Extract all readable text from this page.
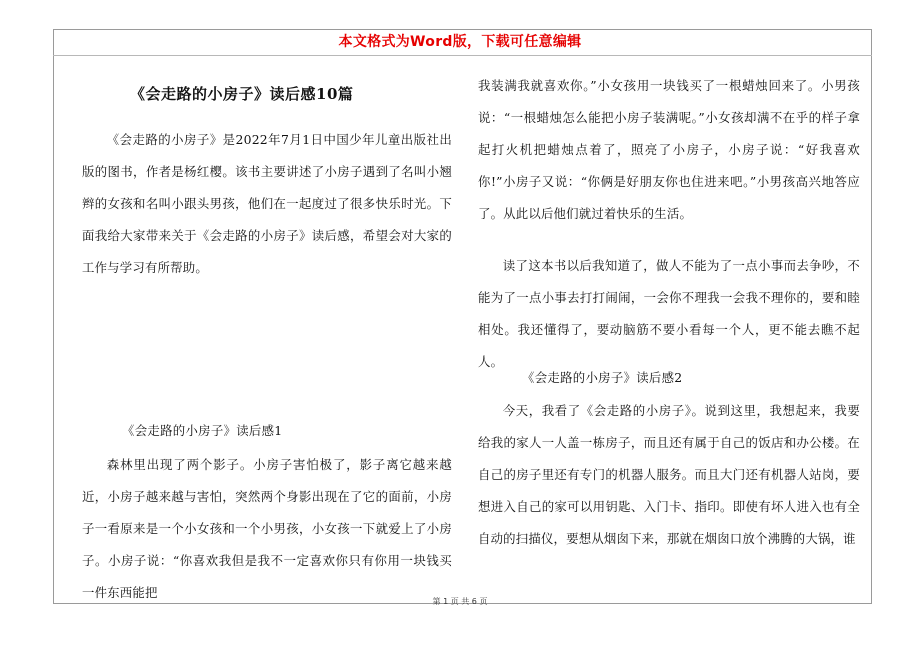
本文格式为Word版，下载可任意编辑
《会走路的小房子》读后感10篇

《会走路的小房子》是2022年7月1日中国少年儿童出版社出版的图书，作者是杨红樱。该书主要讲述了小房子遇到了名叫小翘辫的女孩和名叫小跟头男孩，他们在一起度过了很多快乐时光。下面我给大家带来关于《会走路的小房子》读后感，希望会对大家的工作与学习有所帮助。

《会走路的小房子》读后感1

森林里出现了两个影子。小房子害怕极了，影子离它越来越近，小房子越来越与害怕，突然两个身影出现在了它的面前，小房子一看原来是一个小女孩和一个小男孩，小女孩一下就爱上了小房子。小房子说：“你喜欢我但是我不一定喜欢你只有你用一块钱买一件东西能把

我装满我就喜欢你。”小女孩用一块钱买了一根蜡烛回来了。小男孩说：“一根蜡烛怎么能把小房子装满呢。”小女孩却满不在乎的样子拿起打火机把蜡烛点着了，照亮了小房子，小房子说：“好我喜欢你!”小房子又说：“你俩是好朋友你也住进来吧。”小男孩高兴地答应了。从此以后他们就过着快乐的生活。

读了这本书以后我知道了，做人不能为了一点小事而去争吵，不能为了一点小事去打打闹闹，一会你不理我一会我不理你的，要和睦相处。我还懂得了，要动脑筋不要小看每一个人，更不能去瞧不起人。

《会走路的小房子》读后感2

今天，我看了《会走路的小房子》。说到这里，我想起来，我要给我的家人一人盖一栋房子，而且还有属于自己的饭店和办公楼。在自己的房子里还有专门的机器人服务。而且大门还有机器人站岗，要想进入自己的家可以用钥匙、入门卡、指印。即使有坏人进入也有全自动的扫描仪，要想从烟囱下来，那就在烟囱口放个沸腾的大锅，谁

第 1 页 共 6 页
